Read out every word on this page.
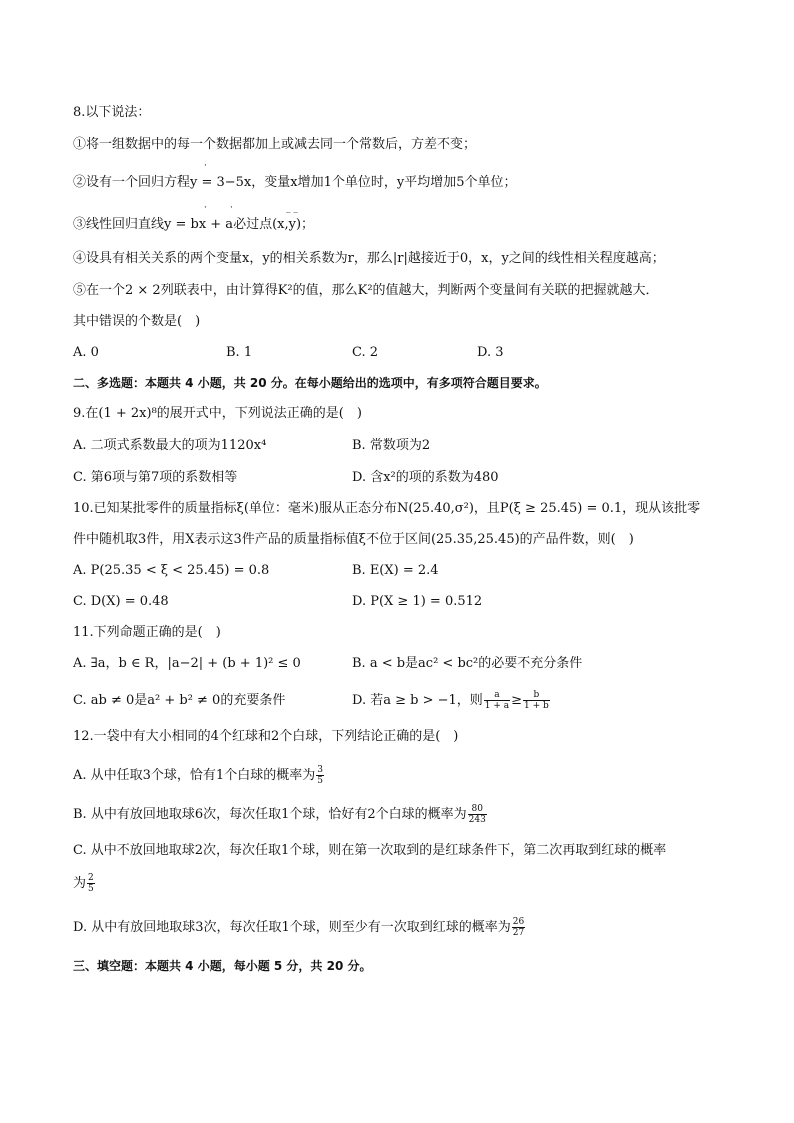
8.以下说法：
①将一组数据中的每一个数据都加上或减去同一个常数后，方差不变；
·
②设有一个回归方程y = 3−5x，变量x增加1个单位时，y平均增加5个单位；
·	·	_ _
③线性回归直线y = bx + a必过点(x,y)；
④设具有相关关系的两个变量x，y的相关系数为r，那么|r|越接近于0，x，y之间的线性相关程度越高；
⑤在一个2 × 2列联表中，由计算得K²的值，那么K²的值越大，判断两个变量间有关联的把握就越大．
其中错误的个数是(　)
A. 0	B. 1	C. 2	D. 3
二、多选题：本题共 4 小题，共 20 分。在每小题给出的选项中，有多项符合题目要求。
9.在(1 + 2x)⁸的展开式中，下列说法正确的是(　)
A. 二项式系数最大的项为1120x⁴	B. 常数项为2
C. 第6项与第7项的系数相等	D. 含x²的项的系数为480
10.已知某批零件的质量指标ξ(单位：毫米)服从正态分布N(25.40,σ²)，且P(ξ ≥ 25.45) = 0.1，现从该批零
件中随机取3件，用X表示这3件产品的质量指标值ξ不位于区间(25.35,25.45)的产品件数，则(　)
A. P(25.35 < ξ < 25.45) = 0.8	B. E(X) = 2.4
C. D(X) = 0.48	D. P(X ≥ 1) = 0.512
11.下列命题正确的是(　)
A. ∃a，b ∈ R，|a−2| + (b + 1)² ≤ 0	B. a < b是ac² < bc²的必要不充分条件
C. ab ≠ 0是a² + b² ≠ 0的充要条件	D. 若a ≥ b > −1，则 $\frac{a}{1 + a} \ge \frac{b}{1 + b}$
12.一袋中有大小相同的4个红球和2个白球，下列结论正确的是(　)
A. 从中任取3个球，恰有1个白球的概率为 $\frac{3}{5}$
B. 从中有放回地取球6次，每次任取1个球，恰好有2个白球的概率为 $\frac{80}{243}$
C. 从中不放回地取球2次，每次任取1个球，则在第一次取到的是红球条件下，第二次再取到红球的概率
为 $\frac{2}{5}$
D. 从中有放回地取球3次，每次任取1个球，则至少有一次取到红球的概率为 $\frac{26}{27}$
三、填空题：本题共 4 小题，每小题 5 分，共 20 分。
